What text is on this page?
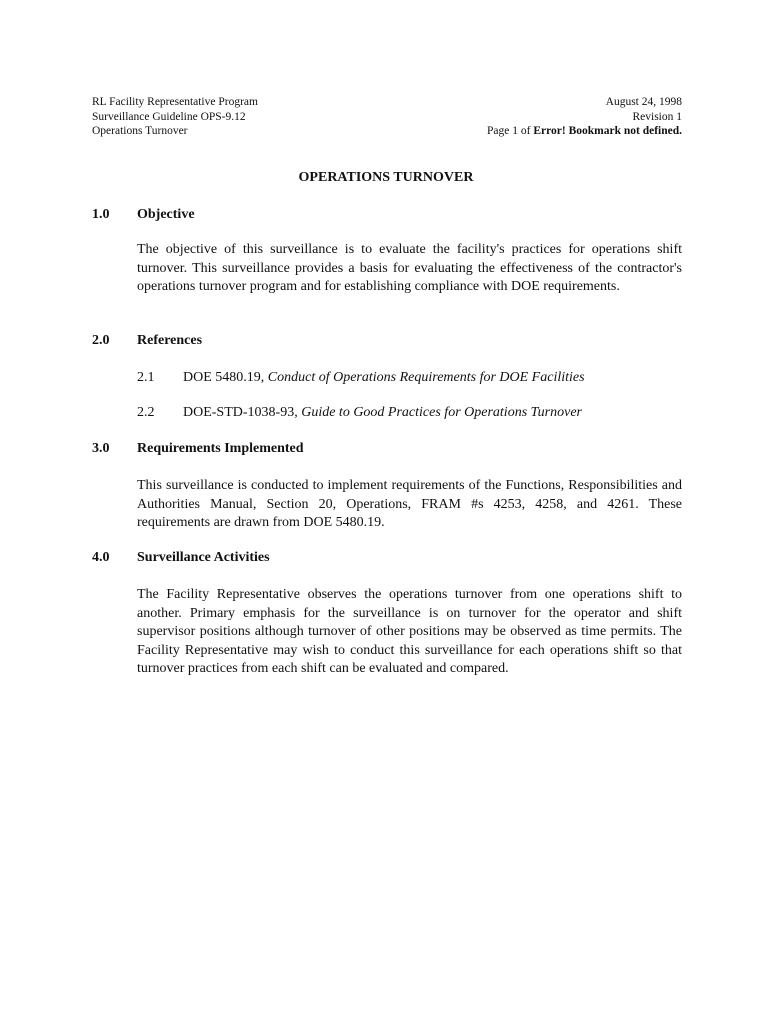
RL Facility Representative Program
Surveillance Guideline OPS-9.12
Operations Turnover
August 24, 1998
Revision 1
Page 1 of Error! Bookmark not defined.
OPERATIONS TURNOVER
1.0 Objective
The objective of this surveillance is to evaluate the facility's practices for operations shift turnover. This surveillance provides a basis for evaluating the effectiveness of the contractor's operations turnover program and for establishing compliance with DOE requirements.
2.0 References
2.1 DOE 5480.19, Conduct of Operations Requirements for DOE Facilities
2.2 DOE-STD-1038-93, Guide to Good Practices for Operations Turnover
3.0 Requirements Implemented
This surveillance is conducted to implement requirements of the Functions, Responsibilities and Authorities Manual, Section 20, Operations, FRAM #s 4253, 4258, and 4261. These requirements are drawn from DOE 5480.19.
4.0 Surveillance Activities
The Facility Representative observes the operations turnover from one operations shift to another. Primary emphasis for the surveillance is on turnover for the operator and shift supervisor positions although turnover of other positions may be observed as time permits. The Facility Representative may wish to conduct this surveillance for each operations shift so that turnover practices from each shift can be evaluated and compared.
